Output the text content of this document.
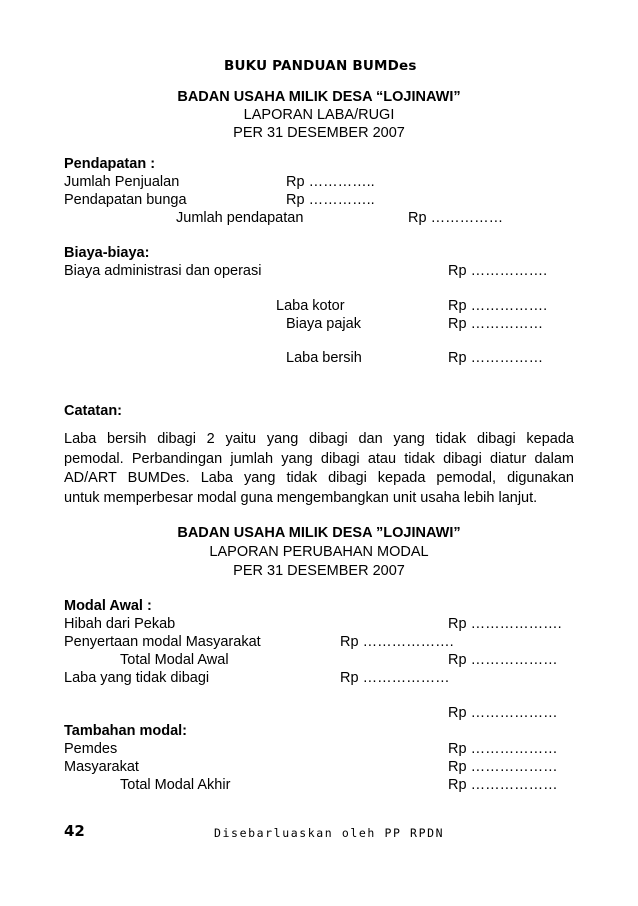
BUKU PANDUAN BUMDes
BADAN USAHA MILIK DESA “LOJINAWI”
LAPORAN LABA/RUGI
PER 31 DESEMBER 2007
Pendapatan :
Jumlah Penjualan	Rp …………..
Pendapatan bunga	Rp …………..
Jumlah pendapatan	Rp ……………
Biaya-biaya:
Biaya administrasi dan operasi	Rp …………….
Laba kotor	Rp …………….
Biaya pajak	Rp ……………
Laba bersih	Rp ……………
Catatan:
Laba bersih dibagi 2 yaitu yang dibagi dan yang tidak dibagi kepada
pemodal. Perbandingan jumlah yang dibagi atau tidak dibagi diatur dalam
AD/ART BUMDes. Laba yang tidak dibagi kepada pemodal, digunakan
untuk memperbesar modal guna mengembangkan unit usaha lebih lanjut.
BADAN USAHA MILIK DESA ”LOJINAWI”
LAPORAN PERUBAHAN MODAL
PER 31 DESEMBER 2007
Modal Awal :
Hibah dari Pekab	Rp ……………….
Penyertaan modal Masyarakat	Rp ……………….
Total Modal Awal	Rp ………………
Laba yang tidak dibagi	Rp ………………
Rp ………………
Tambahan modal:
Pemdes	Rp ………………
Masyarakat	Rp ………………
Total Modal Akhir	Rp ………………
42	Disebarluaskan oleh PP RPDN
